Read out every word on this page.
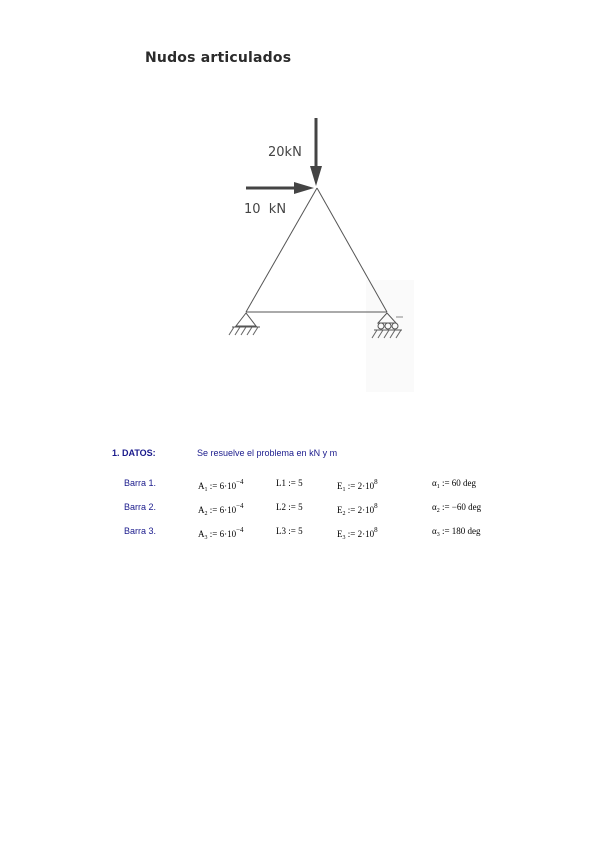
Nudos articulados
20kN
10  kN
1. DATOS:	Se resuelve el problema en kN y m
Barra 1.	$A_1$ := $6\cdot 10^{-4}$	L1 := 5	$E_1$ := $2\cdot 10^8$	$\alpha_1$ := 60 deg
Barra 2.	$A_2$ := $6\cdot 10^{-4}$	L2 := 5	$E_2$ := $2\cdot 10^8$	$\alpha_2$ := −60 deg
Barra 3.	$A_3$ := $6\cdot 10^{-4}$	L3 := 5	$E_3$ := $2\cdot 10^8$	$\alpha_3$ := 180 deg
